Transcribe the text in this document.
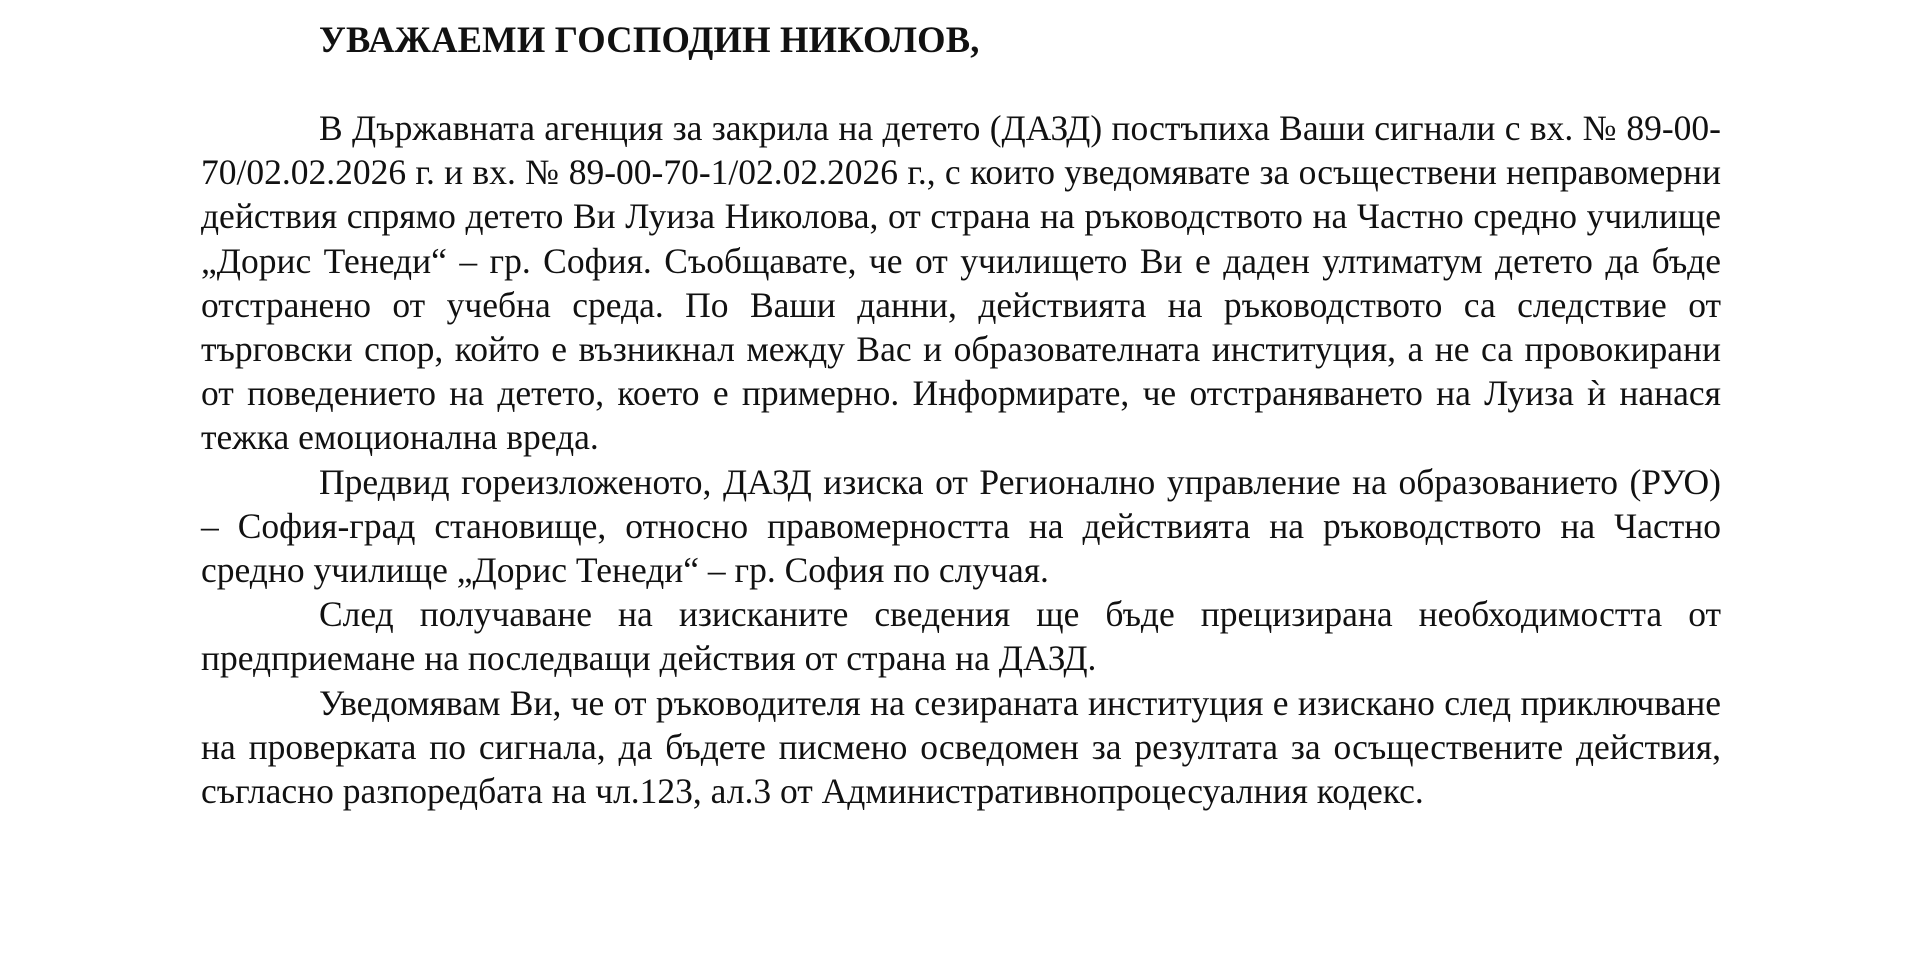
УВАЖАЕМИ ГОСПОДИН НИКОЛОВ,

В Държавната агенция за закрила на детето (ДАЗД) постъпиха Ваши сигнали с вх. № 89-00-70/02.02.2026 г. и вх. № 89-00-70-1/02.02.2026 г., с които уведомявате за осъществени неправомерни действия спрямо детето Ви Луиза Николова, от страна на ръководството на Частно средно училище „Дорис Тенеди“ – гр. София. Съобщавате, че от училището Ви е даден ултиматум детето да бъде отстранено от учебна среда. По Ваши данни, действията на ръководството са следствие от търговски спор, който е възникнал между Вас и образователната институция, а не са провокирани от поведението на детето, което е примерно. Информирате, че отстраняването на Луиза ѝ нанася тежка емоционална вреда.

Предвид гореизложеното, ДАЗД изиска от Регионално управление на образованието (РУО) – София-град становище, относно правомерността на действията на ръководството на Частно средно училище „Дорис Тенеди“ – гр. София по случая.

След получаване на изисканите сведения ще бъде прецизирана необходимостта от предприемане на последващи действия от страна на ДАЗД.

Уведомявам Ви, че от ръководителя на сезираната институция е изискано след приключване на проверката по сигнала, да бъдете писмено осведомен за резултата за осъществените действия, съгласно разпоредбата на чл.123, ал.3 от Административнопроцесуалния кодекс.
